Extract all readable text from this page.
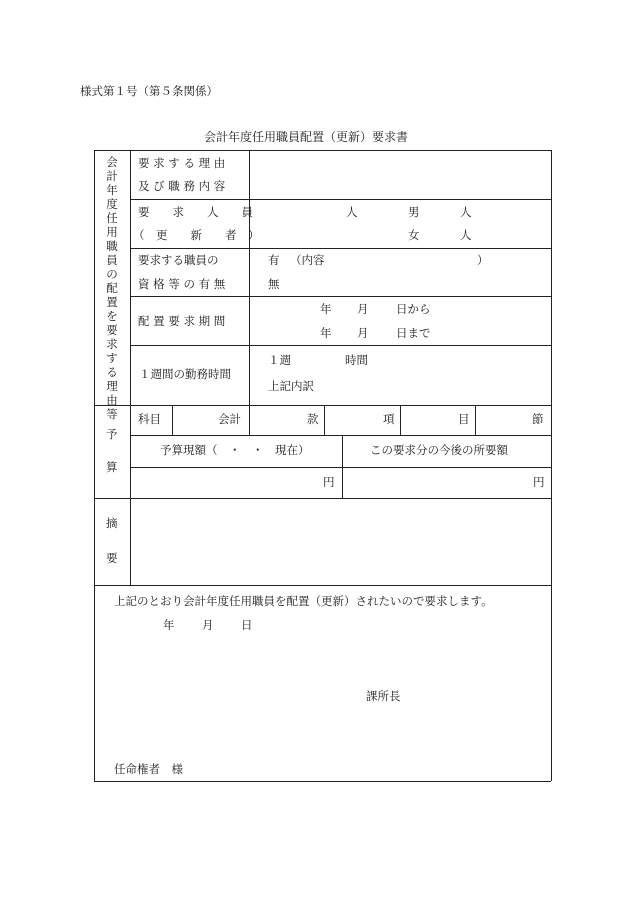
様式第１号（第５条関係）
会計年度任用職員配置（更新）要求書
会
計
年
度
任
用
職
員
の
配
置
を
要
求
す
る
理
由
等
要 求 す る 理 由
及 び 職 務 内 容
要　　求　　人　　員
（　更　　新　　者　）
人	男	人
女	人
要求する職員の
資 格 等 の 有 無
有 （内容	）
無
配 置 要 求 期 間
年 月 日から
年 月 日まで
１週間の勤務時間
１週	時間
上記内訳
予
算
科目	会計	款	項	目	節
予算現額（　・　・　現在）	この要求分の今後の所要額
円	円
摘
要
上記のとおり会計年度任用職員を配置（更新）されたいので要求します。
年 月 日
課所長
任命権者　様
